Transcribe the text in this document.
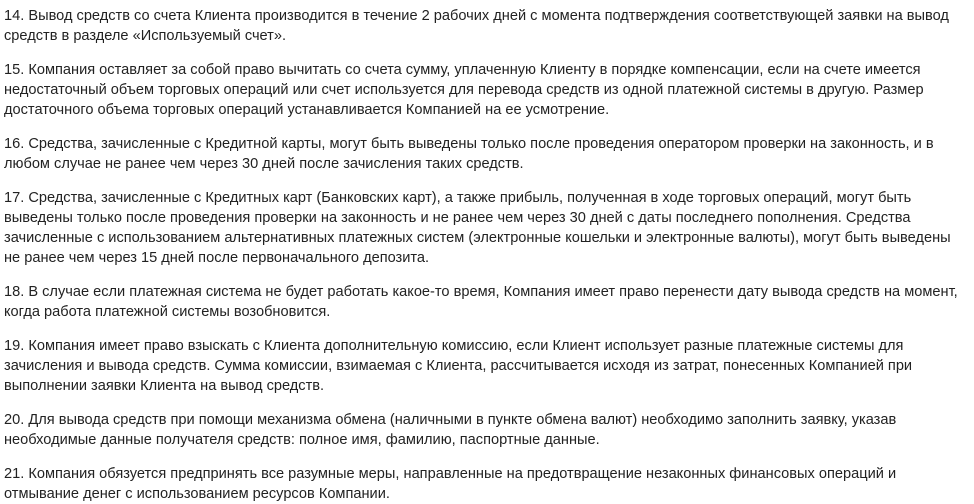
14. Вывод средств со счета Клиента производится в течение 2 рабочих дней с момента подтверждения соответствующей заявки на вывод средств в разделе «Используемый счет».

15. Компания оставляет за собой право вычитать со счета сумму, уплаченную Клиенту в порядке компенсации, если на счете имеется недостаточный объем торговых операций или счет используется для перевода средств из одной платежной системы в другую. Размер достаточного объема торговых операций устанавливается Компанией на ее усмотрение.

16. Средства, зачисленные с Кредитной карты, могут быть выведены только после проведения оператором проверки на законность, и в любом случае не ранее чем через 30 дней после зачисления таких средств.

17. Средства, зачисленные с Кредитных карт (Банковских карт), а также прибыль, полученная в ходе торговых операций, могут быть выведены только после проведения проверки на законность и не ранее чем через 30 дней с даты последнего пополнения. Средства зачисленные с использованием альтернативных платежных систем (электронные кошельки и электронные валюты), могут быть выведены не ранее чем через 15 дней после первоначального депозита.

18. В случае если платежная система не будет работать какое-то время, Компания имеет право перенести дату вывода средств на момент, когда работа платежной системы возобновится.

19. Компания имеет право взыскать с Клиента дополнительную комиссию, если Клиент использует разные платежные системы для зачисления и вывода средств. Сумма комиссии, взимаемая с Клиента, рассчитывается исходя из затрат, понесенных Компанией при выполнении заявки Клиента на вывод средств.

20. Для вывода средств при помощи механизма обмена (наличными в пункте обмена валют) необходимо заполнить заявку, указав необходимые данные получателя средств: полное имя, фамилию, паспортные данные.

21. Компания обязуется предпринять все разумные меры, направленные на предотвращение незаконных финансовых операций и отмывание денег с использованием ресурсов Компании.
